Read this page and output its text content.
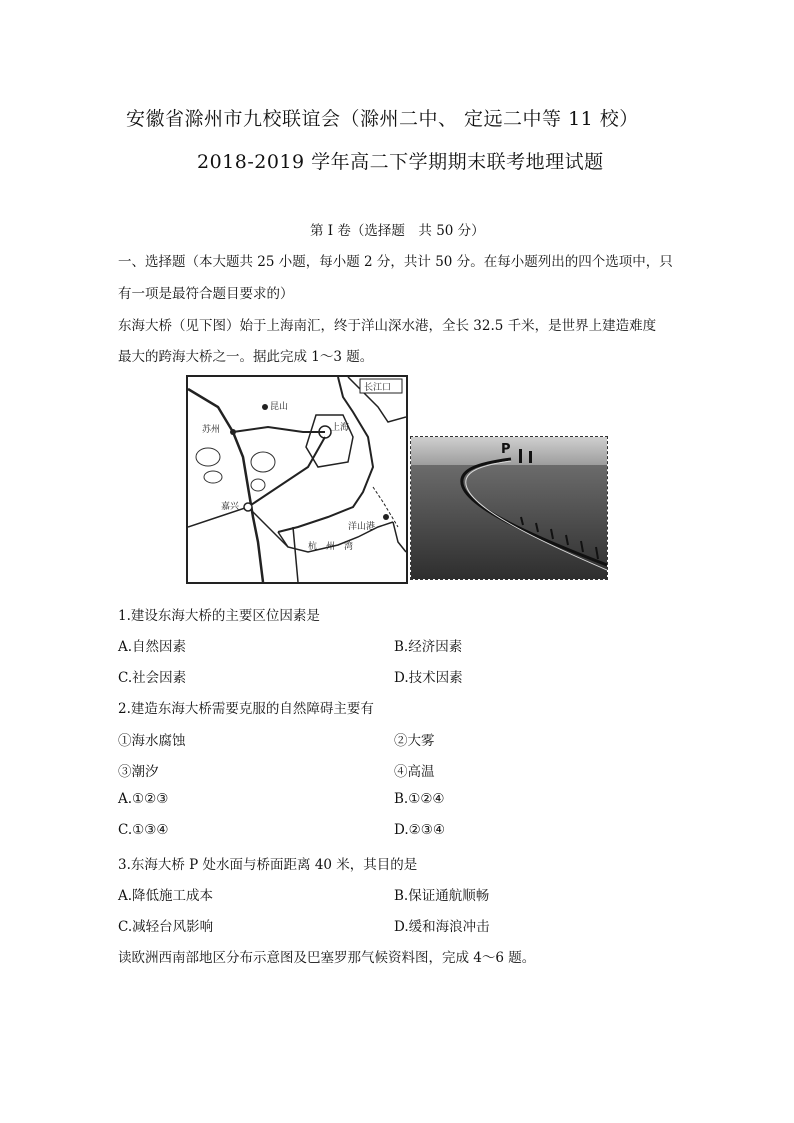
安徽省滁州市九校联谊会（滁州二中、 定远二中等 11 校）
2018-2019 学年高二下学期期末联考地理试题
第 I 卷（选择题　共 50 分）
一、选择题（本大题共 25 小题，每小题 2 分，共计 50 分。在每小题列出的四个选项中，只
有一项是最符合题目要求的）
东海大桥（见下图）始于上海南汇，终于洋山深水港，全长 32.5 千米，是世界上建造难度
最大的跨海大桥之一。据此完成 1～3 题。
长江口
昆山
苏州	上海
嘉兴
洋山港
杭　州　湾
P
1.建设东海大桥的主要区位因素是
A.自然因素	B.经济因素
C.社会因素	D.技术因素
2.建造东海大桥需要克服的自然障碍主要有
①海水腐蚀	②大雾
③潮汐	④高温
A.①②③	B.①②④
C.①③④	D.②③④
3.东海大桥 P 处水面与桥面距离 40 米，其目的是
A.降低施工成本	B.保证通航顺畅
C.减轻台风影响	D.缓和海浪冲击
读欧洲西南部地区分布示意图及巴塞罗那气候资料图，完成 4～6 题。
